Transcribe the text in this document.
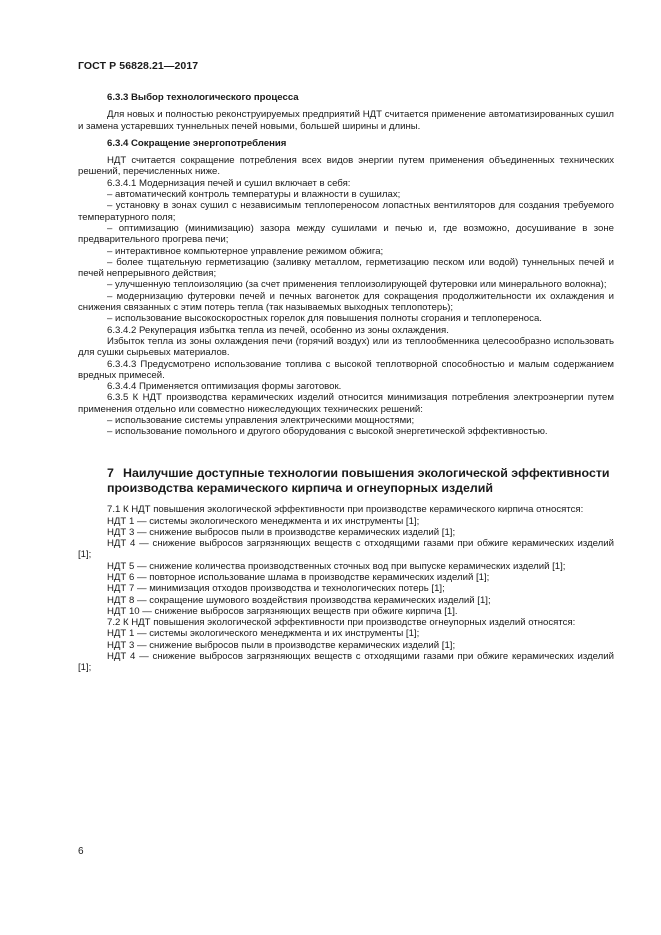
ГОСТ Р 56828.21—2017

6.3.3 Выбор технологического процесса

Для новых и полностью реконструируемых предприятий НДТ считается применение автоматизированных сушил и замена устаревших туннельных печей новыми, большей ширины и длины.

6.3.4 Сокращение энергопотребления

НДТ считается сокращение потребления всех видов энергии путем применения объединенных технических решений, перечисленных ниже.

6.3.4.1 Модернизация печей и сушил включает в себя:

– автоматический контроль температуры и влажности в сушилах;

– установку в зонах сушил с независимым теплопереносом лопастных вентиляторов для создания требуемого температурного поля;

– оптимизацию (минимизацию) зазора между сушилами и печью и, где возможно, досушивание в зоне предварительного прогрева печи;

– интерактивное компьютерное управление режимом обжига;

– более тщательную герметизацию (заливку металлом, герметизацию песком или водой) туннельных печей и печей непрерывного действия;

– улучшенную теплоизоляцию (за счет применения теплоизолирующей футеровки или минерального волокна);

– модернизацию футеровки печей и печных вагонеток для сокращения продолжительности их охлаждения и снижения связанных с этим потерь тепла (так называемых выходных теплопотерь);

– использование высокоскоростных горелок для повышения полноты сгорания и теплопереноса.

6.3.4.2 Рекуперация избытка тепла из печей, особенно из зоны охлаждения.

Избыток тепла из зоны охлаждения печи (горячий воздух) или из теплообменника целесообразно использовать для сушки сырьевых материалов.

6.3.4.3 Предусмотрено использование топлива с высокой теплотворной способностью и малым содержанием вредных примесей.

6.3.4.4 Применяется оптимизация формы заготовок.

6.3.5 К НДТ производства керамических изделий относится минимизация потребления электроэнергии путем применения отдельно или совместно нижеследующих технических решений:

– использование системы управления электрическими мощностями;

– использование помольного и другого оборудования с высокой энергетической эффективностью.

7 Наилучшие доступные технологии повышения экологической эффективности производства керамического кирпича и огнеупорных изделий

7.1 К НДТ повышения экологической эффективности при производстве керамического кирпича относятся:

НДТ 1 — системы экологического менеджмента и их инструменты [1];

НДТ 3 — снижение выбросов пыли в производстве керамических изделий [1];

НДТ 4 — снижение выбросов загрязняющих веществ с отходящими газами при обжиге керамических изделий [1];

НДТ 5 — снижение количества производственных сточных вод при выпуске керамических изделий [1];

НДТ 6 — повторное использование шлама в производстве керамических изделий [1];

НДТ 7 — минимизация отходов производства и технологических потерь [1];

НДТ 8 — сокращение шумового воздействия производства керамических изделий [1];

НДТ 10 — снижение выбросов загрязняющих веществ при обжиге кирпича [1].

7.2 К НДТ повышения экологической эффективности при производстве огнеупорных изделий относятся:

НДТ 1 — системы экологического менеджмента и их инструменты [1];

НДТ 3 — снижение выбросов пыли в производстве керамических изделий [1];

НДТ 4 — снижение выбросов загрязняющих веществ с отходящими газами при обжиге керамических изделий [1];

6
